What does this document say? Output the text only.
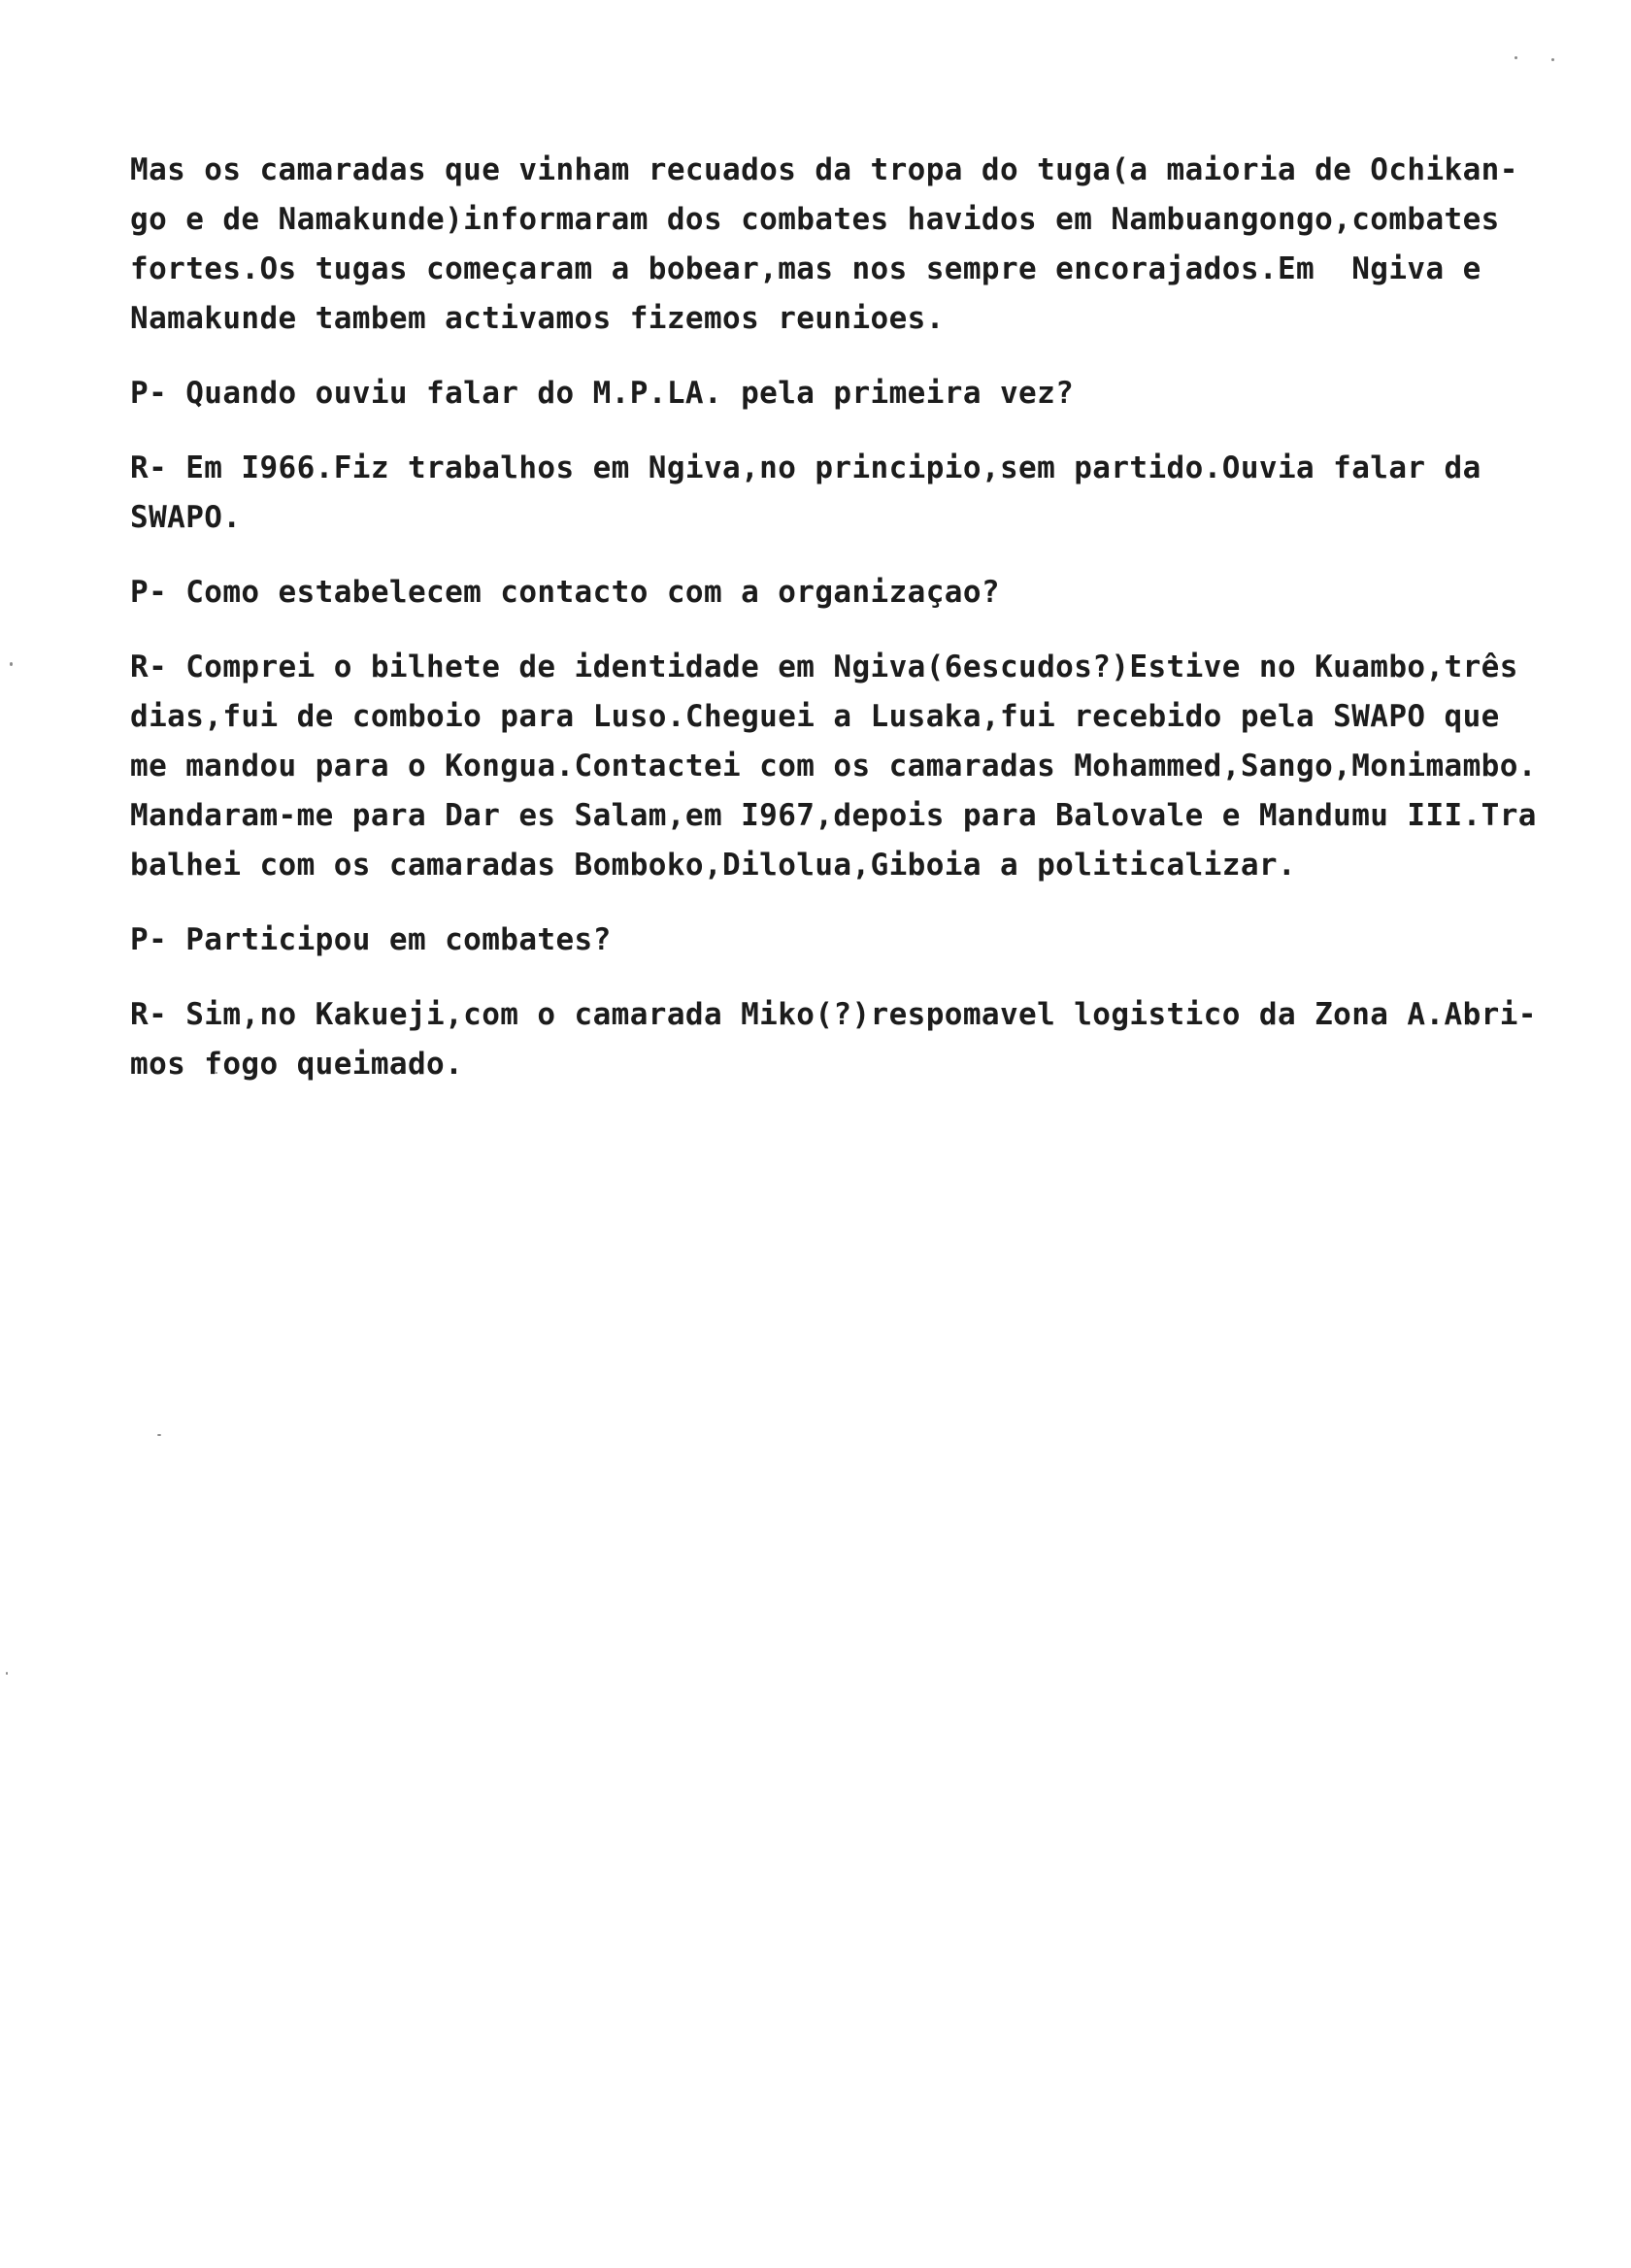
Mas os camaradas que vinham recuados da tropa do tuga(a maioria de Ochikan-
go e de Namakunde)informaram dos combates havidos em Nambuangongo,combates
fortes.Os tugas começaram a bobear,mas nos sempre encorajados.Em  Ngiva e
Namakunde tambem activamos fizemos reunioes.
P- Quando ouviu falar do M.P.LA. pela primeira vez?
R- Em I966.Fiz trabalhos em Ngiva,no principio,sem partido.Ouvia falar da
SWAPO.
P- Como estabelecem contacto com a organizaçao?
R- Comprei o bilhete de identidade em Ngiva(6escudos?)Estive no Kuambo,três
dias,fui de comboio para Luso.Cheguei a Lusaka,fui recebido pela SWAPO que
me mandou para o Kongua.Contactei com os camaradas Mohammed,Sango,Monimambo.
Mandaram-me para Dar es Salam,em I967,depois para Balovale e Mandumu III.Tra
balhei com os camaradas Bomboko,Dilolua,Giboia a politicalizar.
P- Participou em combates?
R- Sim,no Kakueji,com o camarada Miko(?)respomavel logistico da Zona A.Abri-
mos fogo queimado.
